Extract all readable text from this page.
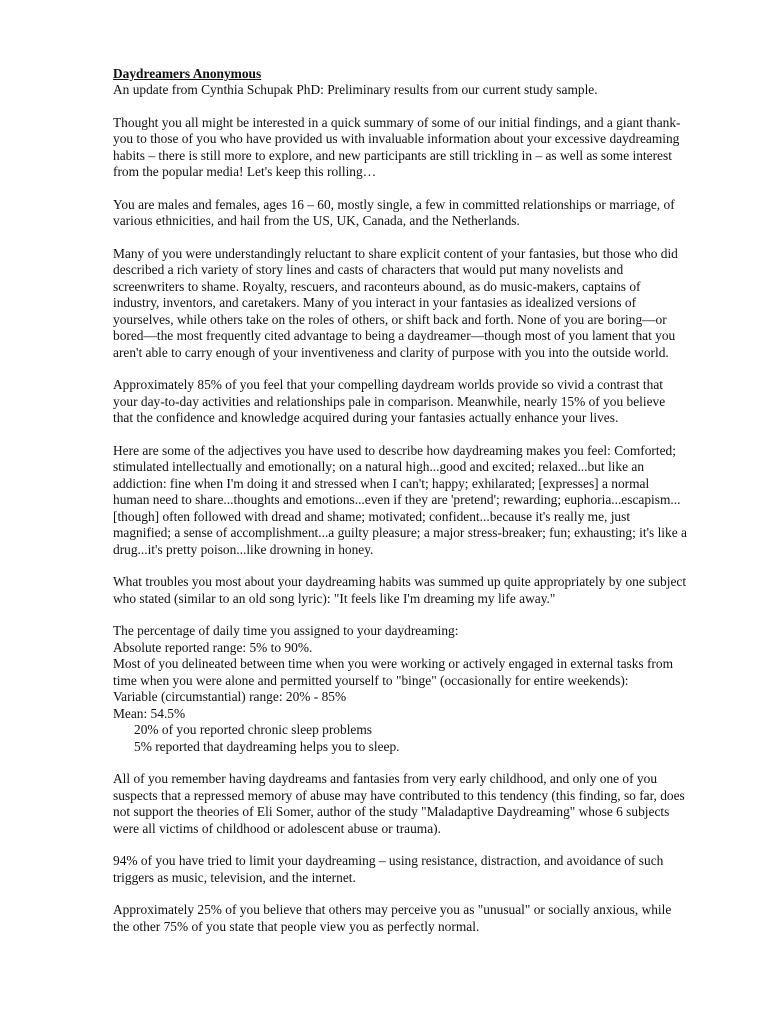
Daydreamers Anonymous

An update from Cynthia Schupak PhD: Preliminary results from our current study sample.

Thought you all might be interested in a quick summary of some of our initial findings, and a giant thank-you to those of you who have provided us with invaluable information about your excessive daydreaming habits – there is still more to explore, and new participants are still trickling in – as well as some interest from the popular media! Let's keep this rolling…

You are males and females, ages 16 – 60, mostly single, a few in committed relationships or marriage, of various ethnicities, and hail from the US, UK, Canada, and the Netherlands.

Many of you were understandingly reluctant to share explicit content of your fantasies, but those who did described a rich variety of story lines and casts of characters that would put many novelists and screenwriters to shame. Royalty, rescuers, and raconteurs abound, as do music-makers, captains of industry, inventors, and caretakers. Many of you interact in your fantasies as idealized versions of yourselves, while others take on the roles of others, or shift back and forth. None of you are boring—or bored—the most frequently cited advantage to being a daydreamer—though most of you lament that you aren't able to carry enough of your inventiveness and clarity of purpose with you into the outside world.

Approximately 85% of you feel that your compelling daydream worlds provide so vivid a contrast that your day-to-day activities and relationships pale in comparison. Meanwhile, nearly 15% of you believe that the confidence and knowledge acquired during your fantasies actually enhance your lives.

Here are some of the adjectives you have used to describe how daydreaming makes you feel: Comforted; stimulated intellectually and emotionally; on a natural high...good and excited; relaxed...but like an addiction: fine when I'm doing it and stressed when I can't; happy; exhilarated; [expresses] a normal human need to share...thoughts and emotions...even if they are 'pretend'; rewarding; euphoria...escapism...[though] often followed with dread and shame; motivated; confident...because it's really me, just magnified; a sense of accomplishment...a guilty pleasure; a major stress-breaker; fun; exhausting; it's like a drug...it's pretty poison...like drowning in honey.

What troubles you most about your daydreaming habits was summed up quite appropriately by one subject who stated (similar to an old song lyric): "It feels like I'm dreaming my life away."

The percentage of daily time you assigned to your daydreaming:
Absolute reported range: 5% to 90%.
Most of you delineated between time when you were working or actively engaged in external tasks from time when you were alone and permitted yourself to "binge" (occasionally for entire weekends):
Variable (circumstantial) range: 20% - 85%
Mean: 54.5%
20% of you reported chronic sleep problems
5% reported that daydreaming helps you to sleep.

All of you remember having daydreams and fantasies from very early childhood, and only one of you suspects that a repressed memory of abuse may have contributed to this tendency (this finding, so far, does not support the theories of Eli Somer, author of the study "Maladaptive Daydreaming" whose 6 subjects were all victims of childhood or adolescent abuse or trauma).

94% of you have tried to limit your daydreaming – using resistance, distraction, and avoidance of such triggers as music, television, and the internet.

Approximately 25% of you believe that others may perceive you as "unusual" or socially anxious, while the other 75% of you state that people view you as perfectly normal.
